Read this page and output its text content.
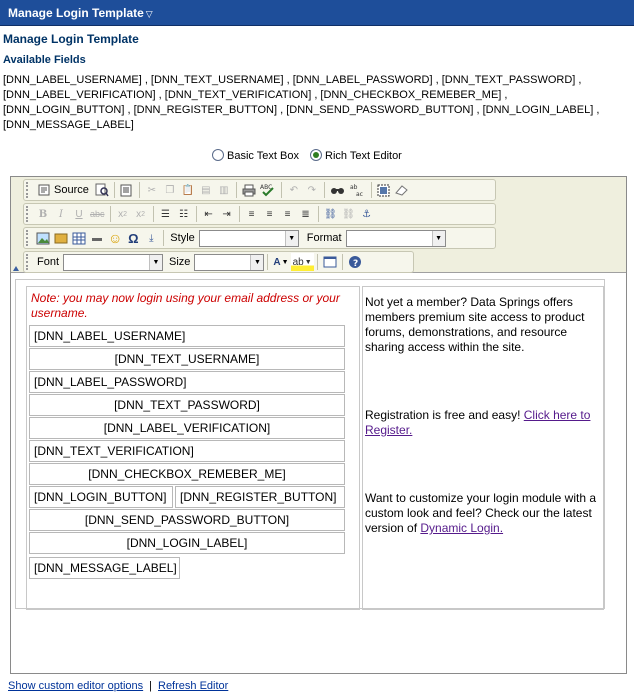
Manage Login Template ▽
Manage Login Template
Available Fields
[DNN_LABEL_USERNAME] , [DNN_TEXT_USERNAME] , [DNN_LABEL_PASSWORD] , [DNN_TEXT_PASSWORD] , [DNN_LABEL_VERIFICATION] , [DNN_TEXT_VERIFICATION] , [DNN_CHECKBOX_REMEBER_ME] , [DNN_LOGIN_BUTTON] , [DNN_REGISTER_BUTTON] , [DNN_SEND_PASSWORD_BUTTON] , [DNN_LOGIN_LABEL] , [DNN_MESSAGE_LABEL]
Basic Text Box Rich Text Editor
Source	✂ ❐ 📋 ▤ ▥	ABC	↶ ↷	ab
ac
B	I	U abc	x 2 x 2	☰ ☷	⇤ ⇥	≡	≡	≡	≣	⛓ ⛓ ⚓
▬ ☺ Ω	⤓	Style	▼ Format	▼
Font	▼ Size	▼ A ▼ ab ▼	?
Note: you may now login using your email address or your username.
[DNN_LABEL_USERNAME]
[DNN_TEXT_USERNAME]
[DNN_LABEL_PASSWORD]
[DNN_TEXT_PASSWORD]
[DNN_LABEL_VERIFICATION]
[DNN_TEXT_VERIFICATION]
[DNN_CHECKBOX_REMEBER_ME]
[DNN_LOGIN_BUTTON]	[DNN_REGISTER_BUTTON]
[DNN_SEND_PASSWORD_BUTTON]
[DNN_LOGIN_LABEL]
[DNN_MESSAGE_LABEL]

Not yet a member? Data Springs offers members premium site access to product forums, demonstrations, and resource sharing access within the site.

Registration is free and easy! Click here to Register.

Want to customize your login module with a custom look and feel? Check our the latest version of Dynamic Login.

Show custom editor options | Refresh Editor
